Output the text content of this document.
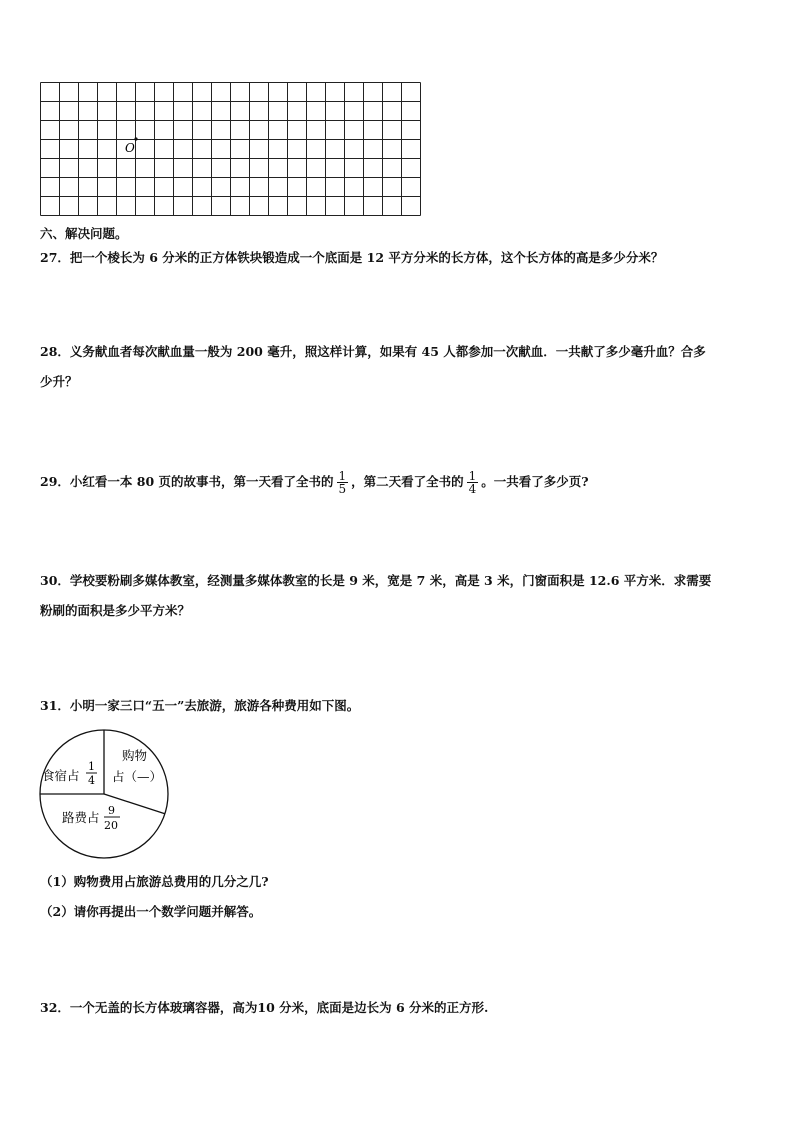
O
六、解决问题。
27．把一个棱长为 6 分米的正方体铁块锻造成一个底面是 12 平方分米的长方体，这个长方体的高是多少分米？
28．义务献血者每次献血量一般为 200 毫升，照这样计算，如果有 45 人都参加一次献血．一共献了多少毫升血？合多
少升？
29．小红看一本 80 页的故事书，第一天看了全书的 $\frac{1}{5}$ ，第二天看了全书的 $\frac{1}{4}$ 。一共看了多少页?
30．学校要粉刷多媒体教室，经测量多媒体教室的长是 9 米，宽是 7 米，高是 3 米，门窗面积是 12.6 平方米．求需要
粉刷的面积是多少平方米？
31．小明一家三口“五一”去旅游，旅游各种费用如下图。
食宿占
1
4
路费占 9
20
购物
占（—）
（1）购物费用占旅游总费用的几分之几?
（2）请你再提出一个数学问题并解答。
32．一个无盖的长方体玻璃容器，高为10 分米，底面是边长为 6 分米的正方形.
